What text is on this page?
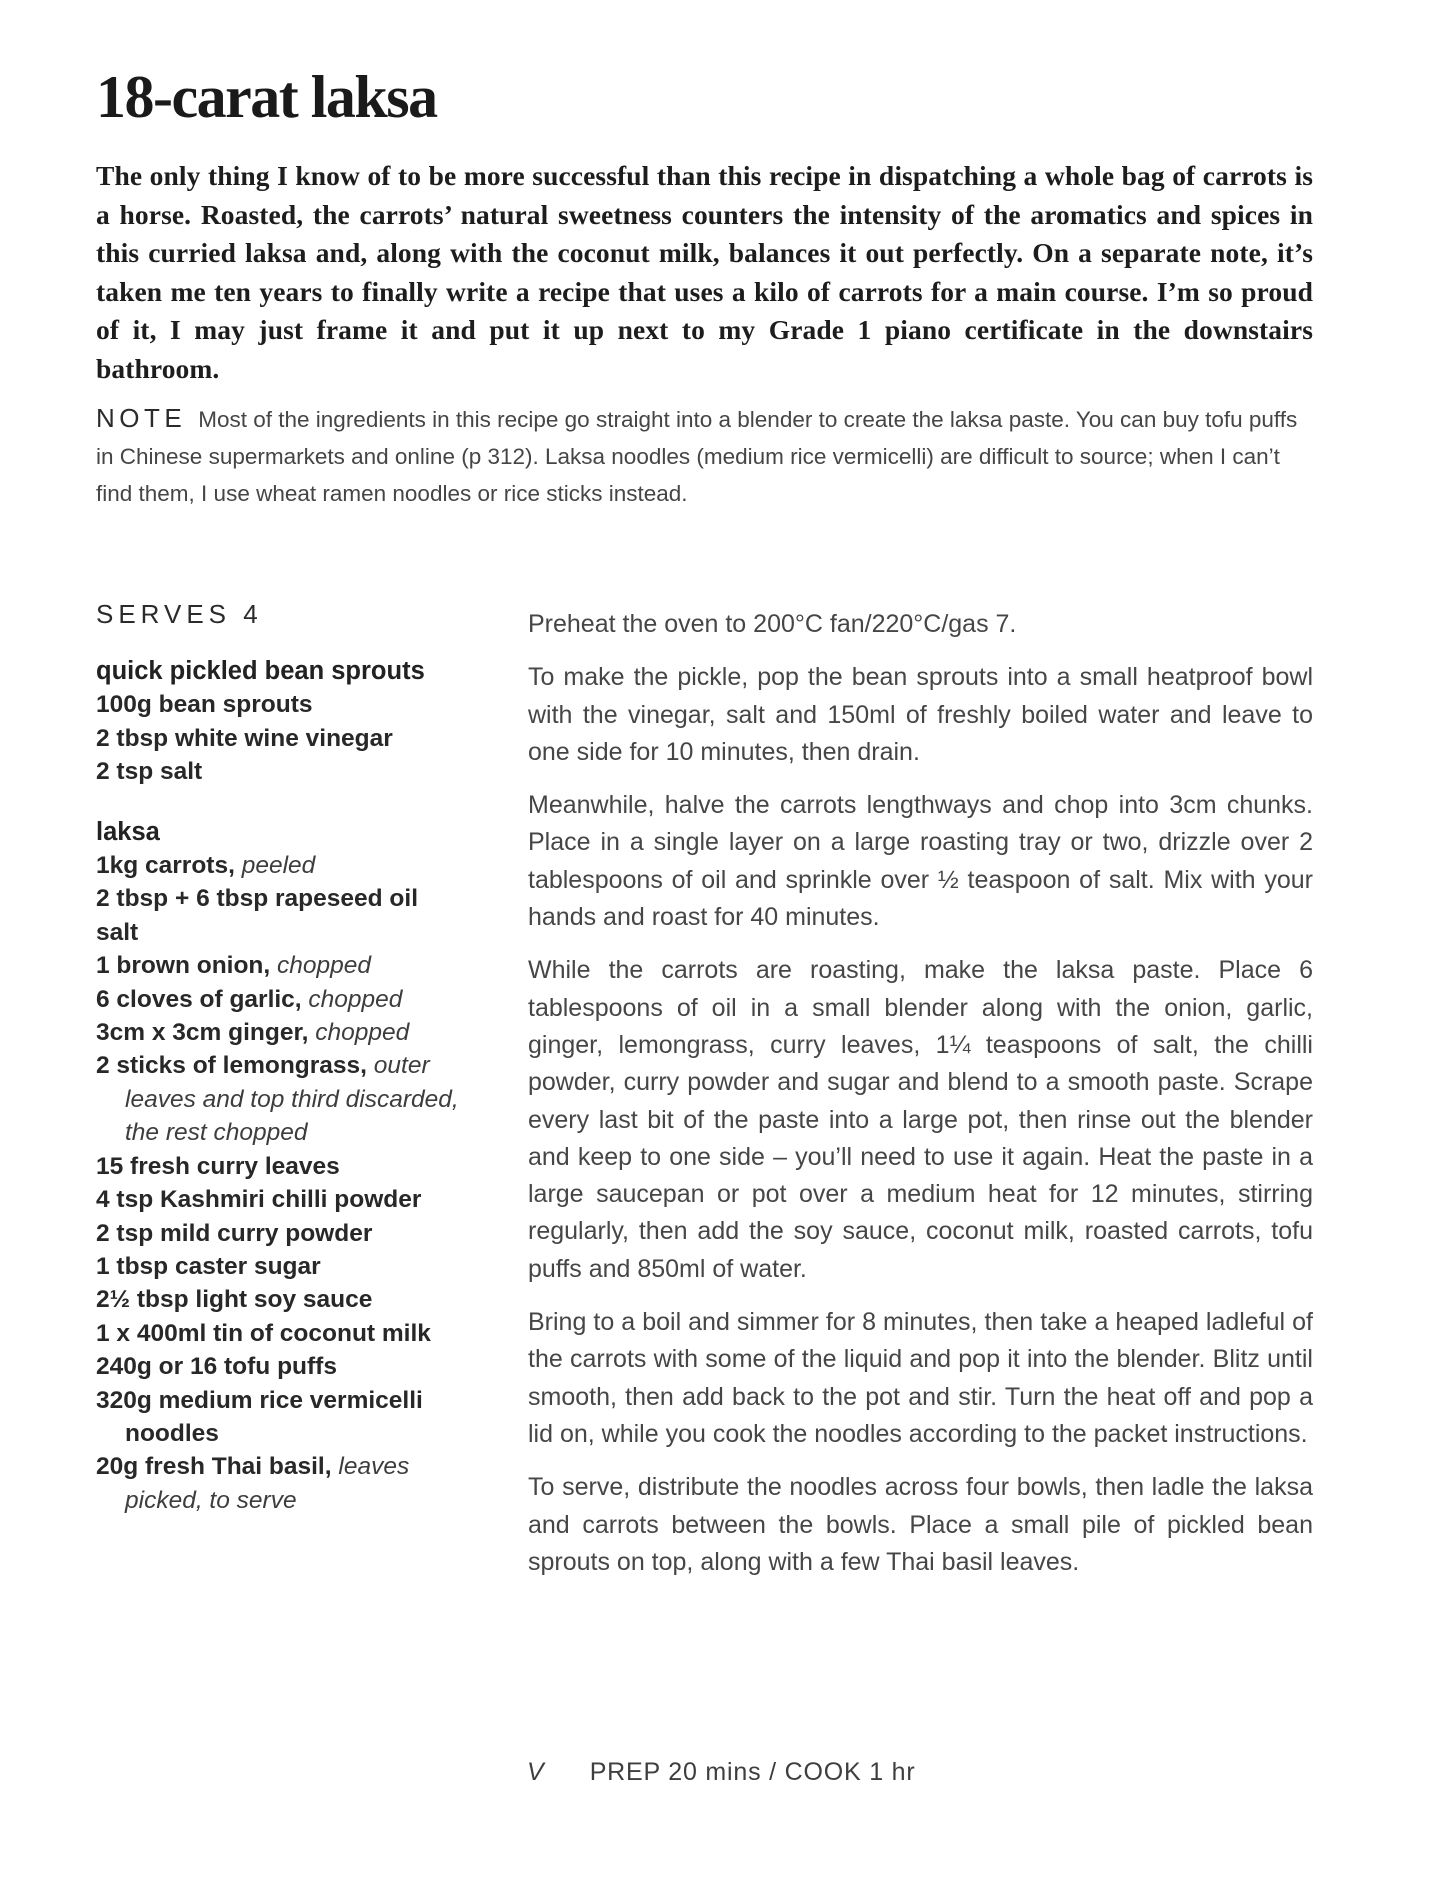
18-carat laksa

The only thing I know of to be more successful than this recipe in dispatching a whole bag of carrots is a horse. Roasted, the carrots’ natural sweetness counters the intensity of the aromatics and spices in this curried laksa and, along with the coconut milk, balances it out perfectly. On a separate note, it’s taken me ten years to finally write a recipe that uses a kilo of carrots for a main course. I’m so proud of it, I may just frame it and put it up next to my Grade 1 piano certificate in the downstairs bathroom.

NOTE Most of the ingredients in this recipe go straight into a blender to create the laksa paste. You can buy tofu puffs in Chinese supermarkets and online (p 312). Laksa noodles (medium rice vermicelli) are difficult to source; when I can’t find them, I use wheat ramen noodles or rice sticks instead.

SERVES 4
quick pickled bean sprouts
100g bean sprouts
2 tbsp white wine vinegar
2 tsp salt
laksa
1kg carrots, peeled
2 tbsp + 6 tbsp rapeseed oil
salt
1 brown onion, chopped
6 cloves of garlic, chopped
3cm x 3cm ginger, chopped
2 sticks of lemongrass, outer leaves and top third discarded, the rest chopped
15 fresh curry leaves
4 tsp Kashmiri chilli powder
2 tsp mild curry powder
1 tbsp caster sugar
2½ tbsp light soy sauce
1 x 400ml tin of coconut milk
240g or 16 tofu puffs
320g medium rice vermicelli noodles
20g fresh Thai basil, leaves picked, to serve

Preheat the oven to 200°C fan/220°C/gas 7.

To make the pickle, pop the bean sprouts into a small heatproof bowl with the vinegar, salt and 150ml of freshly boiled water and leave to one side for 10 minutes, then drain.

Meanwhile, halve the carrots lengthways and chop into 3cm chunks. Place in a single layer on a large roasting tray or two, drizzle over 2 tablespoons of oil and sprinkle over ½ teaspoon of salt. Mix with your hands and roast for 40 minutes.

While the carrots are roasting, make the laksa paste. Place 6 tablespoons of oil in a small blender along with the onion, garlic, ginger, lemongrass, curry leaves, 1¼ teaspoons of salt, the chilli powder, curry powder and sugar and blend to a smooth paste. Scrape every last bit of the paste into a large pot, then rinse out the blender and keep to one side – you’ll need to use it again. Heat the paste in a large saucepan or pot over a medium heat for 12 minutes, stirring regularly, then add the soy sauce, coconut milk, roasted carrots, tofu puffs and 850ml of water.

Bring to a boil and simmer for 8 minutes, then take a heaped ladleful of the carrots with some of the liquid and pop it into the blender. Blitz until smooth, then add back to the pot and stir. Turn the heat off and pop a lid on, while you cook the noodles according to the packet instructions.

To serve, distribute the noodles across four bowls, then ladle the laksa and carrots between the bowls. Place a small pile of pickled bean sprouts on top, along with a few Thai basil leaves.

V PREP 20 mins / COOK 1 hr
